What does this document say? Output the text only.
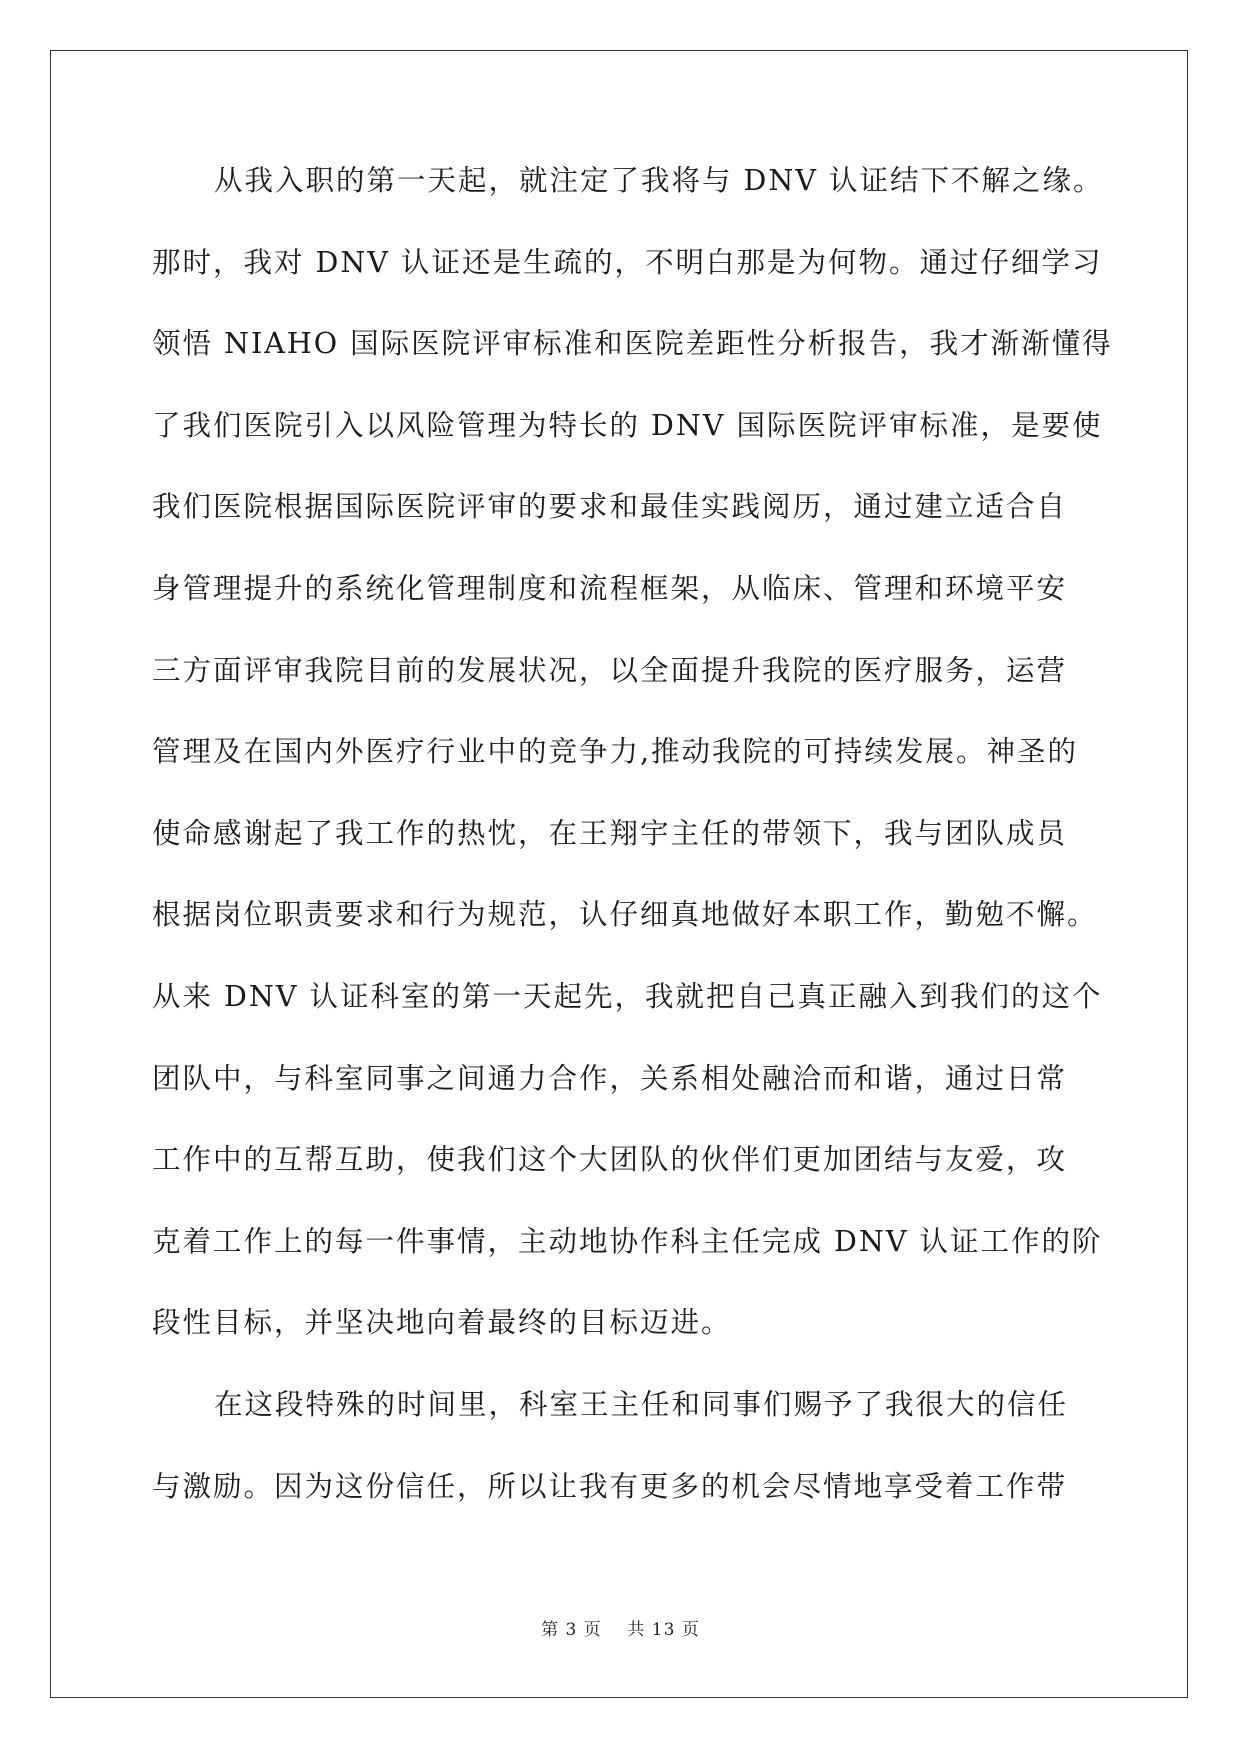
从我入职的第一天起，就注定了我将与 DNV 认证结下不解之缘。
那时，我对 DNV 认证还是生疏的，不明白那是为何物。通过仔细学习
领悟 NIAHO 国际医院评审标准和医院差距性分析报告，我才渐渐懂得
了我们医院引入以风险管理为特长的 DNV 国际医院评审标准，是要使
我们医院根据国际医院评审的要求和最佳实践阅历，通过建立适合自
身管理提升的系统化管理制度和流程框架，从临床、管理和环境平安
三方面评审我院目前的发展状况，以全面提升我院的医疗服务，运营
管理及在国内外医疗行业中的竞争力,推动我院的可持续发展。神圣的
使命感谢起了我工作的热忱，在王翔宇主任的带领下，我与团队成员
根据岗位职责要求和行为规范，认仔细真地做好本职工作，勤勉不懈。
从来 DNV 认证科室的第一天起先，我就把自己真正融入到我们的这个
团队中，与科室同事之间通力合作，关系相处融洽而和谐，通过日常
工作中的互帮互助，使我们这个大团队的伙伴们更加团结与友爱，攻
克着工作上的每一件事情，主动地协作科主任完成 DNV 认证工作的阶
段性目标，并坚决地向着最终的目标迈进。
在这段特殊的时间里，科室王主任和同事们赐予了我很大的信任
与激励。因为这份信任，所以让我有更多的机会尽情地享受着工作带
第 3 页    共 13 页
